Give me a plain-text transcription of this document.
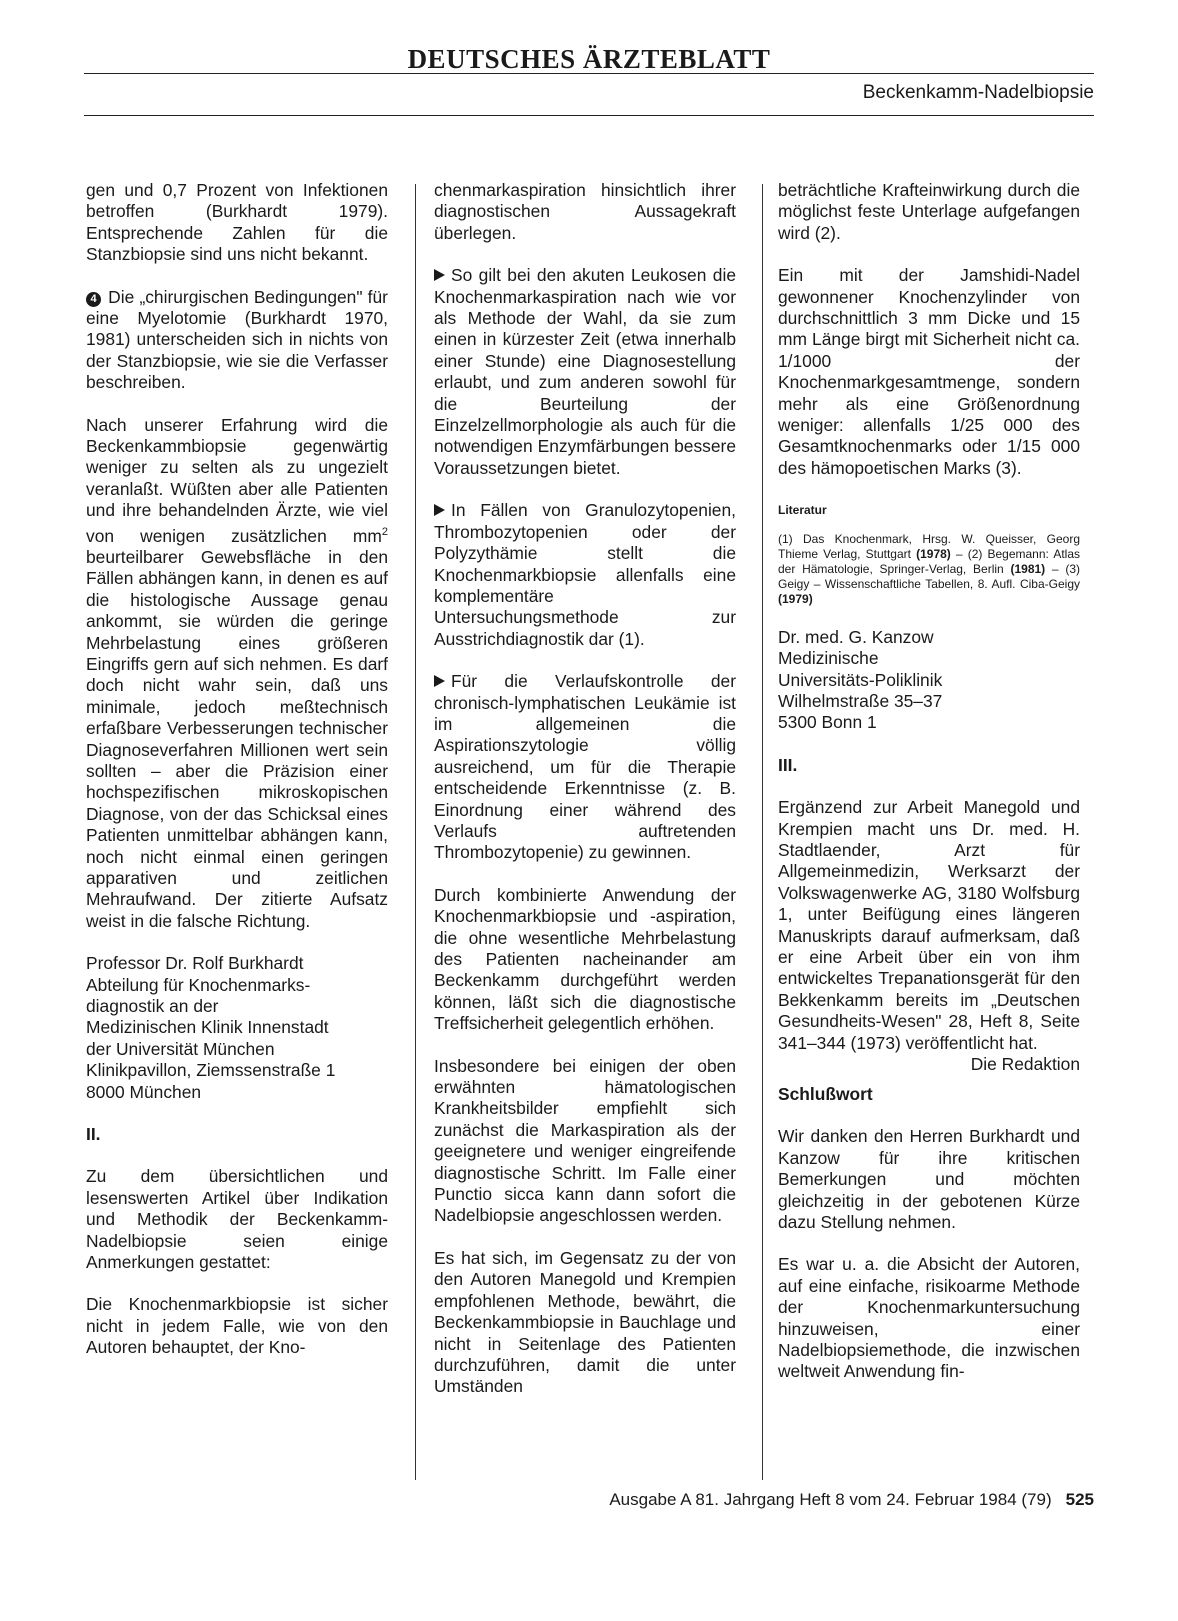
DEUTSCHES ÄRZTEBLATT
Beckenkamm-Nadelbiopsie

gen und 0,7 Prozent von Infektionen betroffen (Burkhardt 1979). Entsprechende Zahlen für die Stanzbiopsie sind uns nicht bekannt.

4 Die „chirurgischen Bedingungen" für eine Myelotomie (Burkhardt 1970, 1981) unterscheiden sich in nichts von der Stanzbiopsie, wie sie die Verfasser beschreiben.

Nach unserer Erfahrung wird die Beckenkammbiopsie gegenwärtig weniger zu selten als zu ungezielt veranlaßt. Wüßten aber alle Patienten und ihre behandelnden Ärzte, wie viel von wenigen zusätzlichen $mm^2$ beurteilbarer Gewebsfläche in den Fällen abhängen kann, in denen es auf die histologische Aussage genau ankommt, sie würden die geringe Mehrbelastung eines größeren Eingriffs gern auf sich nehmen. Es darf doch nicht wahr sein, daß uns minimale, jedoch meßtechnisch erfaßbare Verbesserungen technischer Diagnoseverfahren Millionen wert sein sollten – aber die Präzision einer hochspezifischen mikroskopischen Diagnose, von der das Schicksal eines Patienten unmittelbar abhängen kann, noch nicht einmal einen geringen apparativen und zeitlichen Mehraufwand. Der zitierte Aufsatz weist in die falsche Richtung.

Professor Dr. Rolf Burkhardt
Abteilung für Knochenmarks-
diagnostik an der
Medizinischen Klinik Innenstadt
der Universität München
Klinikpavillon, Ziemssenstraße 1
8000 München

II.

Zu dem übersichtlichen und lesenswerten Artikel über Indikation und Methodik der Beckenkamm-Nadelbiopsie seien einige Anmerkungen gestattet:

Die Knochenmarkbiopsie ist sicher nicht in jedem Falle, wie von den Autoren behauptet, der Kno-

chenmarkaspiration hinsichtlich ihrer diagnostischen Aussagekraft überlegen.

So gilt bei den akuten Leukosen die Knochenmarkaspiration nach wie vor als Methode der Wahl, da sie zum einen in kürzester Zeit (etwa innerhalb einer Stunde) eine Diagnosestellung erlaubt, und zum anderen sowohl für die Beurteilung der Einzelzellmorphologie als auch für die notwendigen Enzymfärbungen bessere Voraussetzungen bietet.

In Fällen von Granulozytopenien, Thrombozytopenien oder der Polyzythämie stellt die Knochenmarkbiopsie allenfalls eine komplementäre Untersuchungsmethode zur Ausstrichdiagnostik dar (1).

Für die Verlaufskontrolle der chronisch-lymphatischen Leukämie ist im allgemeinen die Aspirationszytologie völlig ausreichend, um für die Therapie entscheidende Erkenntnisse (z. B. Einordnung einer während des Verlaufs auftretenden Thrombozytopenie) zu gewinnen.

Durch kombinierte Anwendung der Knochenmarkbiopsie und -aspiration, die ohne wesentliche Mehrbelastung des Patienten nacheinander am Beckenkamm durchgeführt werden können, läßt sich die diagnostische Treffsicherheit gelegentlich erhöhen.

Insbesondere bei einigen der oben erwähnten hämatologischen Krankheitsbilder empfiehlt sich zunächst die Markaspiration als der geeignetere und weniger eingreifende diagnostische Schritt. Im Falle einer Punctio sicca kann dann sofort die Nadelbiopsie angeschlossen werden.

Es hat sich, im Gegensatz zu der von den Autoren Manegold und Krempien empfohlenen Methode, bewährt, die Beckenkammbiopsie in Bauchlage und nicht in Seitenlage des Patienten durchzuführen, damit die unter Umständen

beträchtliche Krafteinwirkung durch die möglichst feste Unterlage aufgefangen wird (2).

Ein mit der Jamshidi-Nadel gewonnener Knochenzylinder von durchschnittlich 3 mm Dicke und 15 mm Länge birgt mit Sicherheit nicht ca. 1/1000 der Knochenmarkgesamtmenge, sondern mehr als eine Größenordnung weniger: allenfalls 1/25 000 des Gesamtknochenmarks oder 1/15 000 des hämopoetischen Marks (3).

Literatur

(1) Das Knochenmark, Hrsg. W. Queisser, Georg Thieme Verlag, Stuttgart (1978) – (2) Begemann: Atlas der Hämatologie, Springer-Verlag, Berlin (1981) – (3) Geigy – Wissenschaftliche Tabellen, 8. Aufl. Ciba-Geigy (1979)

Dr. med. G. Kanzow
Medizinische
Universitäts-Poliklinik
Wilhelmstraße 35–37
5300 Bonn 1

III.

Ergänzend zur Arbeit Manegold und Krempien macht uns Dr. med. H. Stadtlaender, Arzt für Allgemeinmedizin, Werksarzt der Volkswagenwerke AG, 3180 Wolfsburg 1, unter Beifügung eines längeren Manuskripts darauf aufmerksam, daß er eine Arbeit über ein von ihm entwickeltes Trepanationsgerät für den Bekkenkamm bereits im „Deutschen Gesundheits-Wesen" 28, Heft 8, Seite 341–344 (1973) veröffentlicht hat.
Die Redaktion

Schlußwort

Wir danken den Herren Burkhardt und Kanzow für ihre kritischen Bemerkungen und möchten gleichzeitig in der gebotenen Kürze dazu Stellung nehmen.

Es war u. a. die Absicht der Autoren, auf eine einfache, risikoarme Methode der Knochenmarkuntersuchung hinzuweisen, einer Nadelbiopsiemethode, die inzwischen weltweit Anwendung fin-

Ausgabe A 81. Jahrgang Heft 8 vom 24. Februar 1984 (79) 525
